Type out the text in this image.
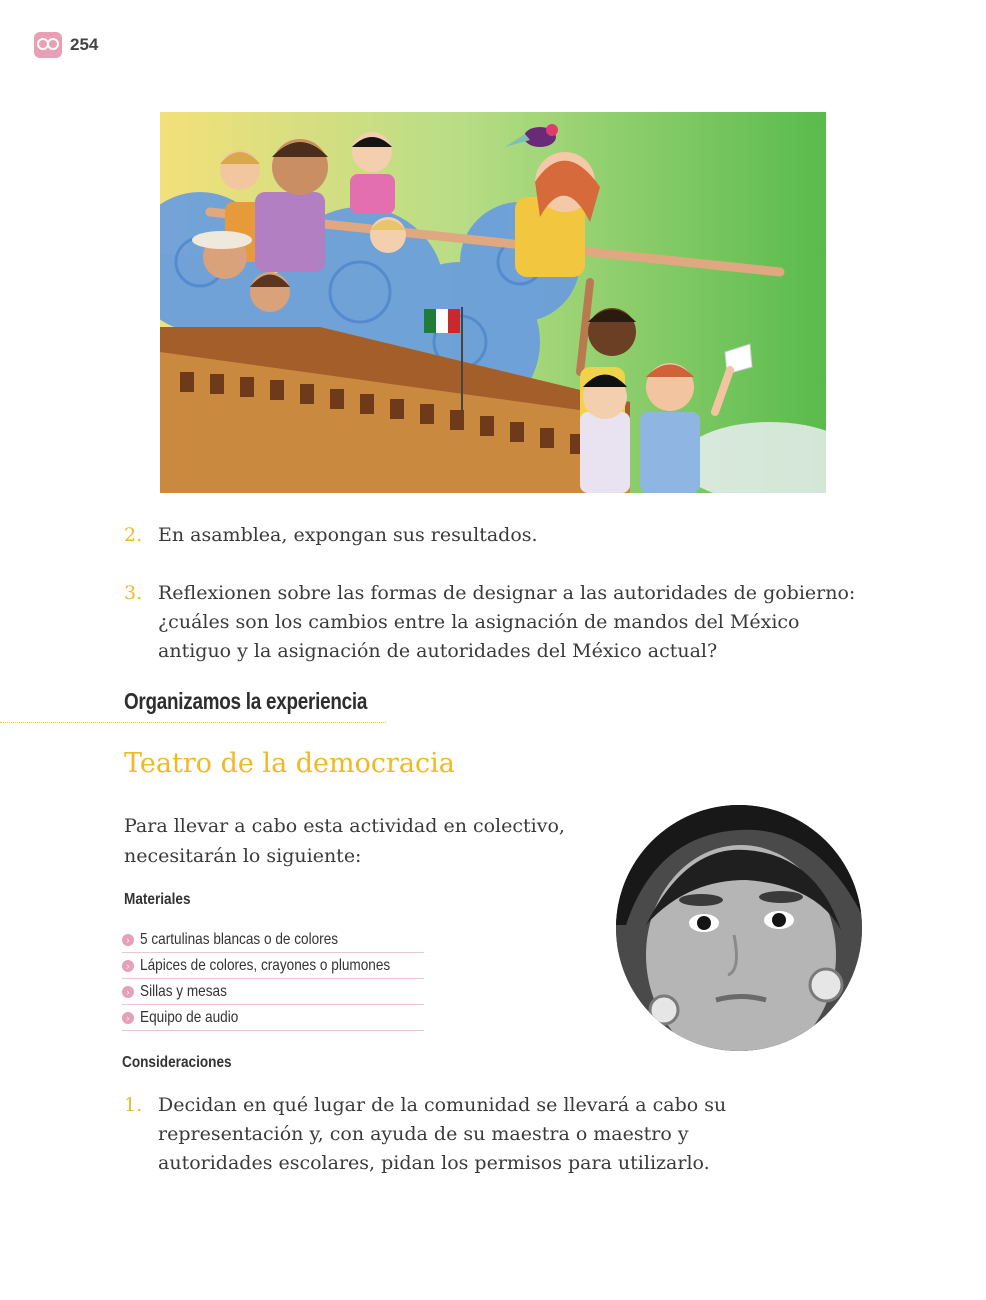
254
2. En asamblea, expongan sus resultados.
3. Reflexionen sobre las formas de designar a las autoridades de gobierno: ¿cuáles son los cambios entre la asignación de mandos del México antiguo y la asignación de autoridades del México actual?
Organizamos la experiencia
Teatro de la democracia
Para llevar a cabo esta actividad en colectivo, necesitarán lo siguiente:
Materiales
› 5 cartulinas blancas o de colores
› Lápices de colores, crayones o plumones
› Sillas y mesas
› Equipo de audio
Consideraciones
1. Decidan en qué lugar de la comunidad se llevará a cabo su representación y, con ayuda de su maestra o maestro y autoridades escolares, pidan los permisos para utilizarlo.
